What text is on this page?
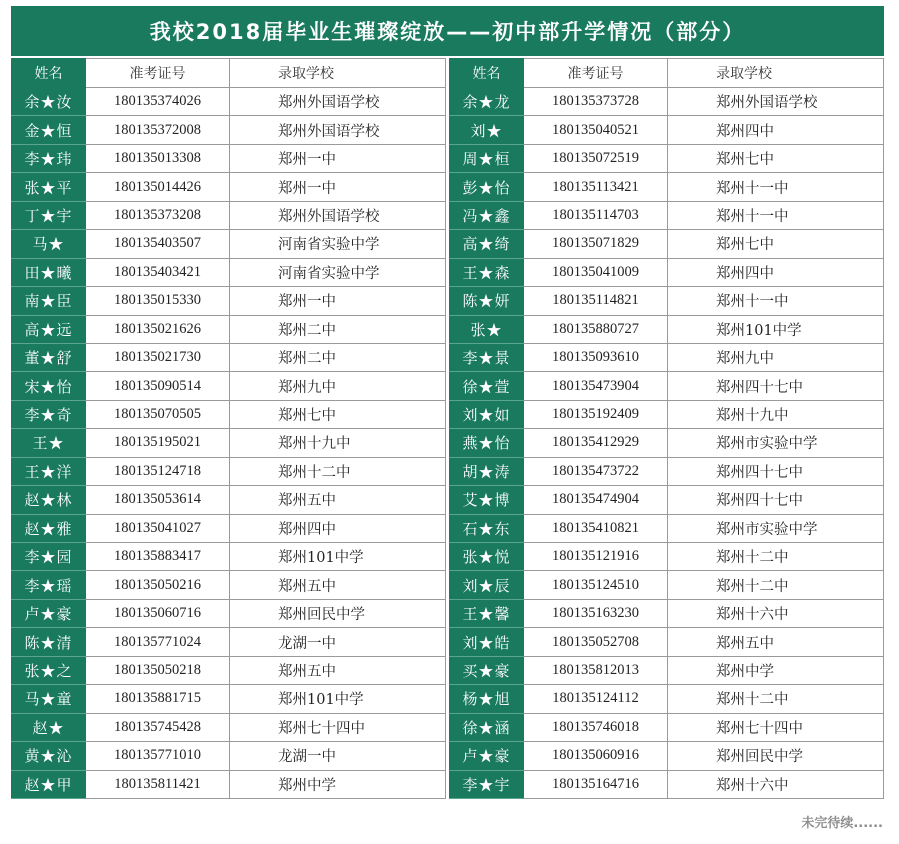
我校2018届毕业生璀璨绽放——初中部升学情况（部分）
姓名	准考证号	录取学校
余★汝	180135374026	郑州外国语学校
金★恒	180135372008	郑州外国语学校
李★玮	180135013308	郑州一中
张★平	180135014426	郑州一中
丁★宇	180135373208	郑州外国语学校
马★	180135403507	河南省实验中学
田★曦	180135403421	河南省实验中学
南★臣	180135015330	郑州一中
高★远	180135021626	郑州二中
董★舒	180135021730	郑州二中
宋★怡	180135090514	郑州九中
李★奇	180135070505	郑州七中
王★	180135195021	郑州十九中
王★洋	180135124718	郑州十二中
赵★林	180135053614	郑州五中
赵★雅	180135041027	郑州四中
李★园	180135883417	郑州101中学
李★瑶	180135050216	郑州五中
卢★豪	180135060716	郑州回民中学
陈★清	180135771024	龙湖一中
张★之	180135050218	郑州五中
马★童	180135881715	郑州101中学
赵★	180135745428	郑州七十四中
黄★沁	180135771010	龙湖一中
赵★甲	180135811421	郑州中学
姓名	准考证号	录取学校
余★龙	180135373728	郑州外国语学校
刘★	180135040521	郑州四中
周★桓	180135072519	郑州七中
彭★怡	180135113421	郑州十一中
冯★鑫	180135114703	郑州十一中
高★绮	180135071829	郑州七中
王★森	180135041009	郑州四中
陈★妍	180135114821	郑州十一中
张★	180135880727	郑州101中学
李★景	180135093610	郑州九中
徐★萱	180135473904	郑州四十七中
刘★如	180135192409	郑州十九中
燕★怡	180135412929	郑州市实验中学
胡★涛	180135473722	郑州四十七中
艾★博	180135474904	郑州四十七中
石★东	180135410821	郑州市实验中学
张★悦	180135121916	郑州十二中
刘★辰	180135124510	郑州十二中
王★馨	180135163230	郑州十六中
刘★皓	180135052708	郑州五中
买★豪	180135812013	郑州中学
杨★旭	180135124112	郑州十二中
徐★涵	180135746018	郑州七十四中
卢★豪	180135060916	郑州回民中学
李★宇	180135164716	郑州十六中
未完待续......
